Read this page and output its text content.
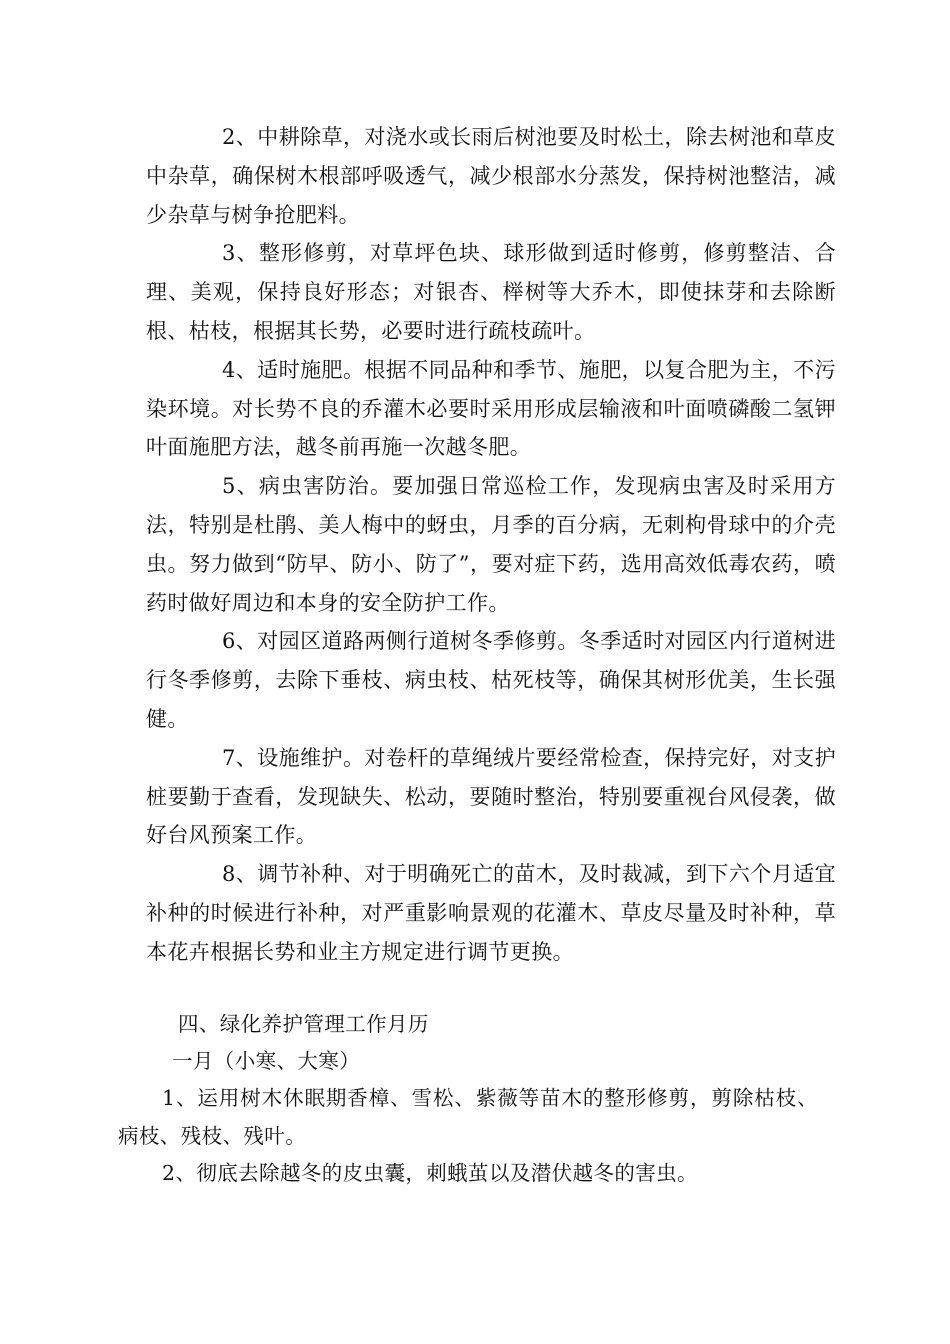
2、中耕除草，对浇水或长雨后树池要及时松土，除去树池和草皮中杂草，确保树木根部呼吸透气，减少根部水分蒸发，保持树池整洁，减少杂草与树争抢肥料。

3、整形修剪，对草坪色块、球形做到适时修剪，修剪整洁、合理、美观，保持良好形态；对银杏、榉树等大乔木，即使抹芽和去除断根、枯枝，根据其长势，必要时进行疏枝疏叶。

4、适时施肥。根据不同品种和季节、施肥，以复合肥为主，不污染环境。对长势不良的乔灌木必要时采用形成层输液和叶面喷磷酸二氢钾叶面施肥方法，越冬前再施一次越冬肥。

5、病虫害防治。要加强日常巡检工作，发现病虫害及时采用方法，特别是杜鹃、美人梅中的蚜虫，月季的百分病，无刺枸骨球中的介壳虫。努力做到“防早、防小、防了”，要对症下药，选用高效低毒农药，喷药时做好周边和本身的安全防护工作。

6、对园区道路两侧行道树冬季修剪。冬季适时对园区内行道树进行冬季修剪，去除下垂枝、病虫枝、枯死枝等，确保其树形优美，生长强健。

7、设施维护。对卷杆的草绳绒片要经常检查，保持完好，对支护桩要勤于查看，发现缺失、松动，要随时整治，特别要重视台风侵袭，做好台风预案工作。

8、调节补种、对于明确死亡的苗木，及时裁减，到下六个月适宜补种的时候进行补种，对严重影响景观的花灌木、草皮尽量及时补种，草本花卉根据长势和业主方规定进行调节更换。

四、绿化养护管理工作月历
一月（小寒、大寒）

1、运用树木休眠期香樟、雪松、紫薇等苗木的整形修剪，剪除枯枝、病枝、残枝、残叶。

2、彻底去除越冬的皮虫囊，刺蛾茧以及潜伏越冬的害虫。
